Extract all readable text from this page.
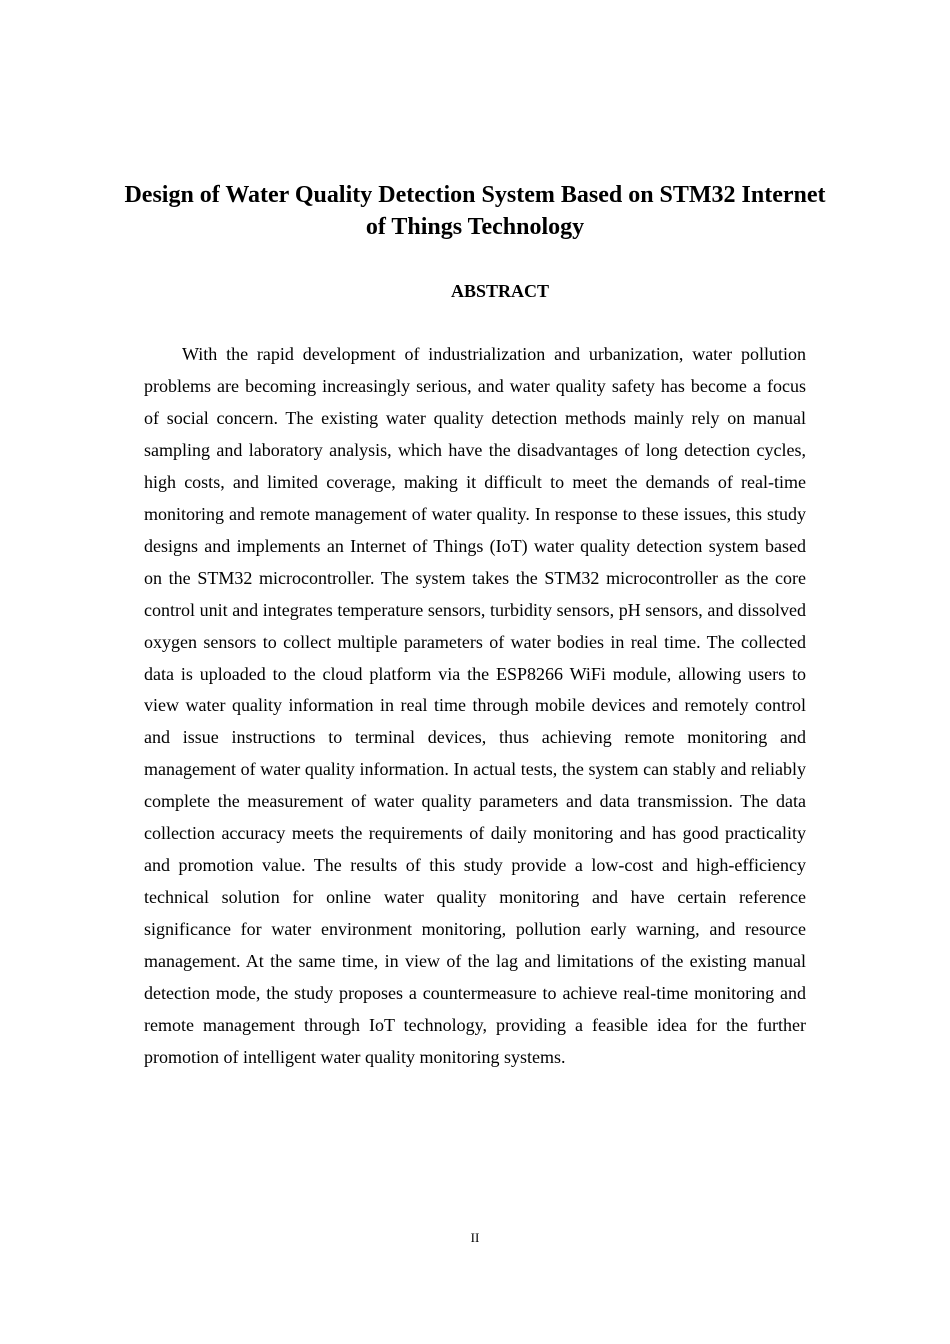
Design of Water Quality Detection System Based on STM32 Internet of Things Technology
ABSTRACT

With the rapid development of industrialization and urbanization, water pollution problems are becoming increasingly serious, and water quality safety has become a focus of social concern. The existing water quality detection methods mainly rely on manual sampling and laboratory analysis, which have the disadvantages of long detection cycles, high costs, and limited coverage, making it difficult to meet the demands of real-time monitoring and remote management of water quality. In response to these issues, this study designs and implements an Internet of Things (IoT) water quality detection system based on the STM32 microcontroller. The system takes the STM32 microcontroller as the core control unit and integrates temperature sensors, turbidity sensors, pH sensors, and dissolved oxygen sensors to collect multiple parameters of water bodies in real time. The collected data is uploaded to the cloud platform via the ESP8266 WiFi module, allowing users to view water quality information in real time through mobile devices and remotely control and issue instructions to terminal devices, thus achieving remote monitoring and management of water quality information. In actual tests, the system can stably and reliably complete the measurement of water quality parameters and data transmission. The data collection accuracy meets the requirements of daily monitoring and has good practicality and promotion value. The results of this study provide a low-cost and high-efficiency technical solution for online water quality monitoring and have certain reference significance for water environment monitoring, pollution early warning, and resource management. At the same time, in view of the lag and limitations of the existing manual detection mode, the study proposes a countermeasure to achieve real-time monitoring and remote management through IoT technology, providing a feasible idea for the further promotion of intelligent water quality monitoring systems.

II
